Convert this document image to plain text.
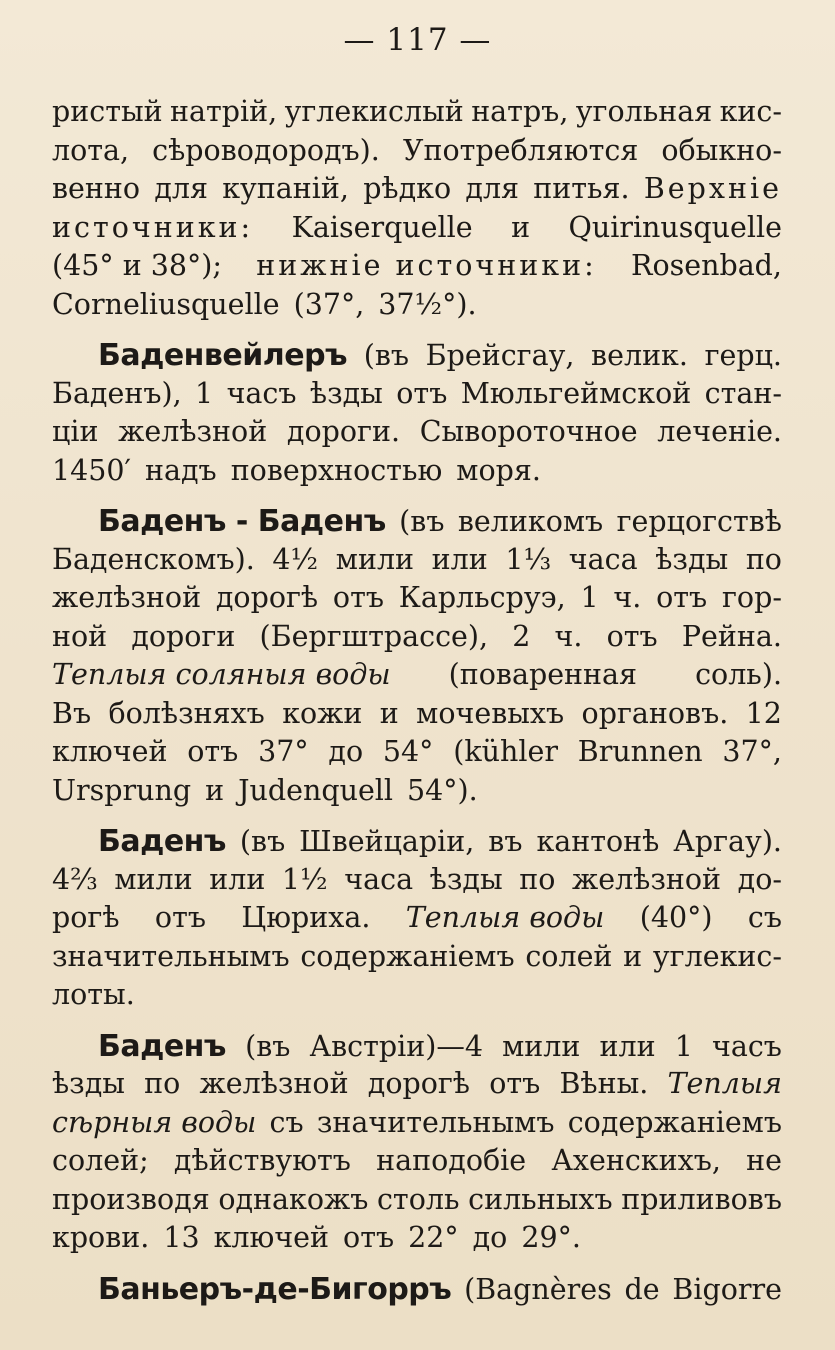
— 117 —
ристый натрій, углекислый натръ, угольная кис-
лота, сѣроводородъ). Употребляются обыкно-
венно для купаній, рѣдко для питья. Верхніе
источники: Kaiserquelle и Quirinusquelle
(45° и 38°); нижніе источники: Rosenbad,
Corneliusquelle (37°, 37½°).
Баденвейлеръ (въ Брейсгау, велик. герц.
Баденъ), 1 часъ ѣзды отъ Мюльгеймской стан-
ціи желѣзной дороги. Сывороточное леченіе.
1450′ надъ поверхностью моря.
Баденъ - Баденъ (въ великомъ герцогствѣ
Баденскомъ). 4½ мили или 1⅓ часа ѣзды по
желѣзной дорогѣ отъ Карльсруэ, 1 ч. отъ гор-
ной дороги (Бергштрассе), 2 ч. отъ Рейна.
Теплыя соляныя воды (поваренная соль).
Въ болѣзняхъ кожи и мочевыхъ органовъ. 12
ключей отъ 37° до 54° (kühler Brunnen 37°,
Ursprung и Judenquell 54°).
Баденъ (въ Швейцаріи, въ кантонѣ Аргау).
4⅔ мили или 1½ часа ѣзды по желѣзной до-
рогѣ отъ Цюриха. Теплыя воды (40°) съ
значительнымъ содержаніемъ солей и углекис-
лоты.
Баденъ (въ Австріи)—4 мили или 1 часъ
ѣзды по желѣзной дорогѣ отъ Вѣны. Теплыя
сѣрныя воды съ значительнымъ содержаніемъ
солей; дѣйствуютъ наподобіе Ахенскихъ, не
производя однакожъ столь сильныхъ приливовъ
крови. 13 ключей отъ 22° до 29°.
Баньеръ-де-Бигорръ (Bagnères de Bigorre
